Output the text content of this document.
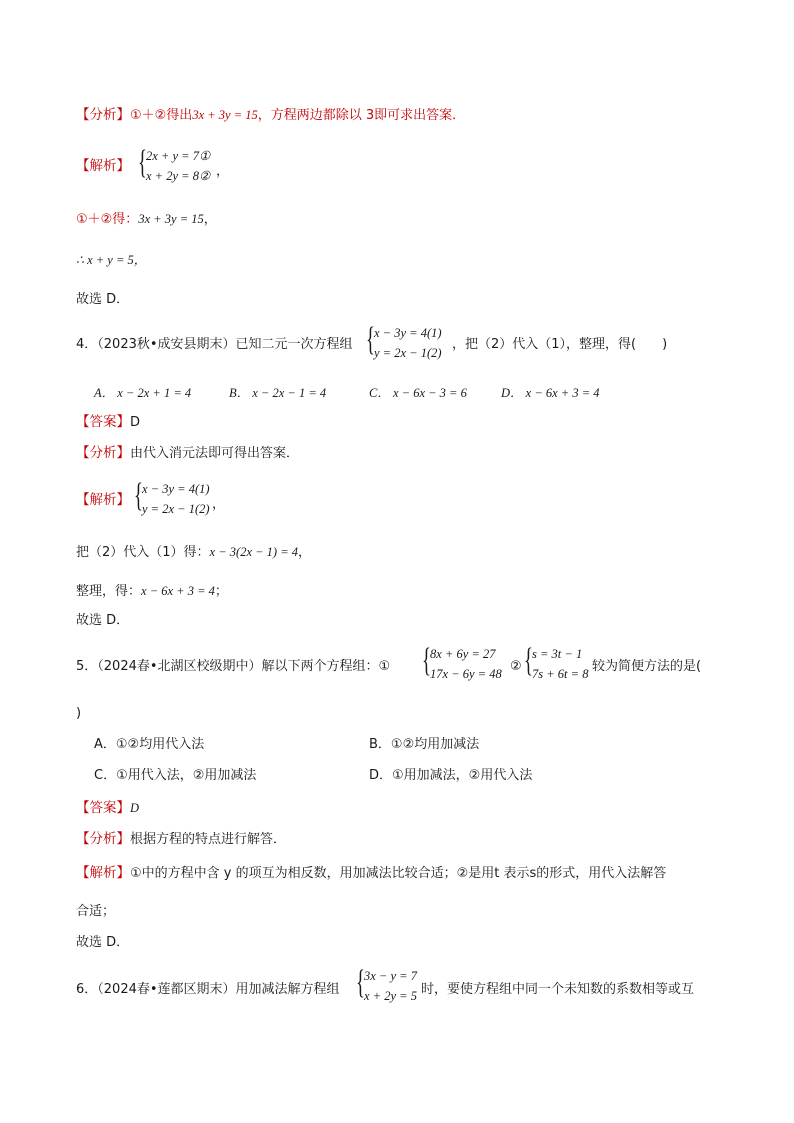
【分析】①＋②得出3x + 3y = 15，方程两边都除以 3即可求出答案．
【解析】 { 2x + y = 7①
x + 2y = 8② ，
①＋②得：3x + 3y = 15，
∴ x + y = 5，
故选 D．
4．（2023秋•成安县期末）已知二元一次方程组 { x − 3y = 4(1)
y = 2x − 1(2)
，把（2）代入（1），整理，得(　　)
A． x − 2x + 1 = 4	B． x − 2x − 1 = 4	C． x − 6x − 3 = 6	D． x − 6x + 3 = 4
【答案】D
【分析】由代入消元法即可得出答案．
【解析】 { x − 3y = 4(1)
y = 2x − 1(2) ，
把（2）代入（1）得：x − 3(2x − 1) = 4，
整理，得：x − 6x + 3 = 4；
故选 D．
5．（2024春•北湖区校级期中）解以下两个方程组：① { 8x + 6y = 27
17x − 6y = 48 ② { s = 3t − 1
7s + 6t = 8 较为简便方法的是(
)
A．①②均用代入法	B．①②均用加减法
C．①用代入法，②用加减法	D．①用加减法，②用代入法
【答案】D
【分析】根据方程的特点进行解答．
【解析】①中的方程中含 y 的项互为相反数，用加减法比较合适；②是用t 表示s的形式，用代入法解答
合适；
故选 D．
6．（2024春•莲都区期末）用加减法解方程组 { 3x − y = 7
x + 2y = 5 时，要使方程组中同一个未知数的系数相等或互
